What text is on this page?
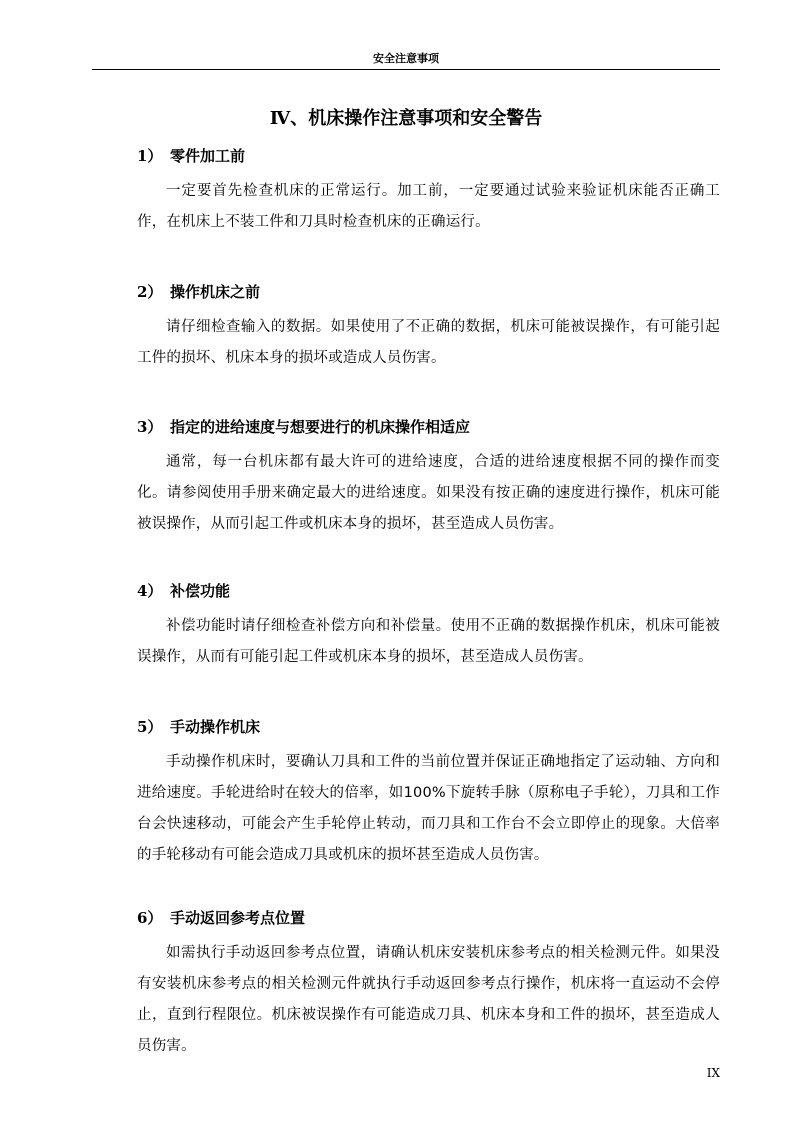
安全注意事项
Ⅳ、机床操作注意事项和安全警告
1） 零件加工前
一定要首先检查机床的正常运行。加工前，一定要通过试验来验证机床能否正确工作，在机床上不装工件和刀具时检查机床的正确运行。
2） 操作机床之前
请仔细检查输入的数据。如果使用了不正确的数据，机床可能被误操作，有可能引起工件的损坏、机床本身的损坏或造成人员伤害。
3） 指定的进给速度与想要进行的机床操作相适应
通常，每一台机床都有最大许可的进给速度，合适的进给速度根据不同的操作而变化。请参阅使用手册来确定最大的进给速度。如果没有按正确的速度进行操作，机床可能被误操作，从而引起工件或机床本身的损坏，甚至造成人员伤害。
4） 补偿功能
补偿功能时请仔细检查补偿方向和补偿量。使用不正确的数据操作机床，机床可能被误操作，从而有可能引起工件或机床本身的损坏，甚至造成人员伤害。
5） 手动操作机床
手动操作机床时，要确认刀具和工件的当前位置并保证正确地指定了运动轴、方向和进给速度。手轮进给时在较大的倍率，如100%下旋转手脉（原称电子手轮），刀具和工作台会快速移动，可能会产生手轮停止转动，而刀具和工作台不会立即停止的现象。大倍率的手轮移动有可能会造成刀具或机床的损坏甚至造成人员伤害。
6） 手动返回参考点位置
如需执行手动返回参考点位置，请确认机床安装机床参考点的相关检测元件。如果没有安装机床参考点的相关检测元件就执行手动返回参考点行操作，机床将一直运动不会停止，直到行程限位。机床被误操作有可能造成刀具、机床本身和工件的损坏，甚至造成人员伤害。
IX
